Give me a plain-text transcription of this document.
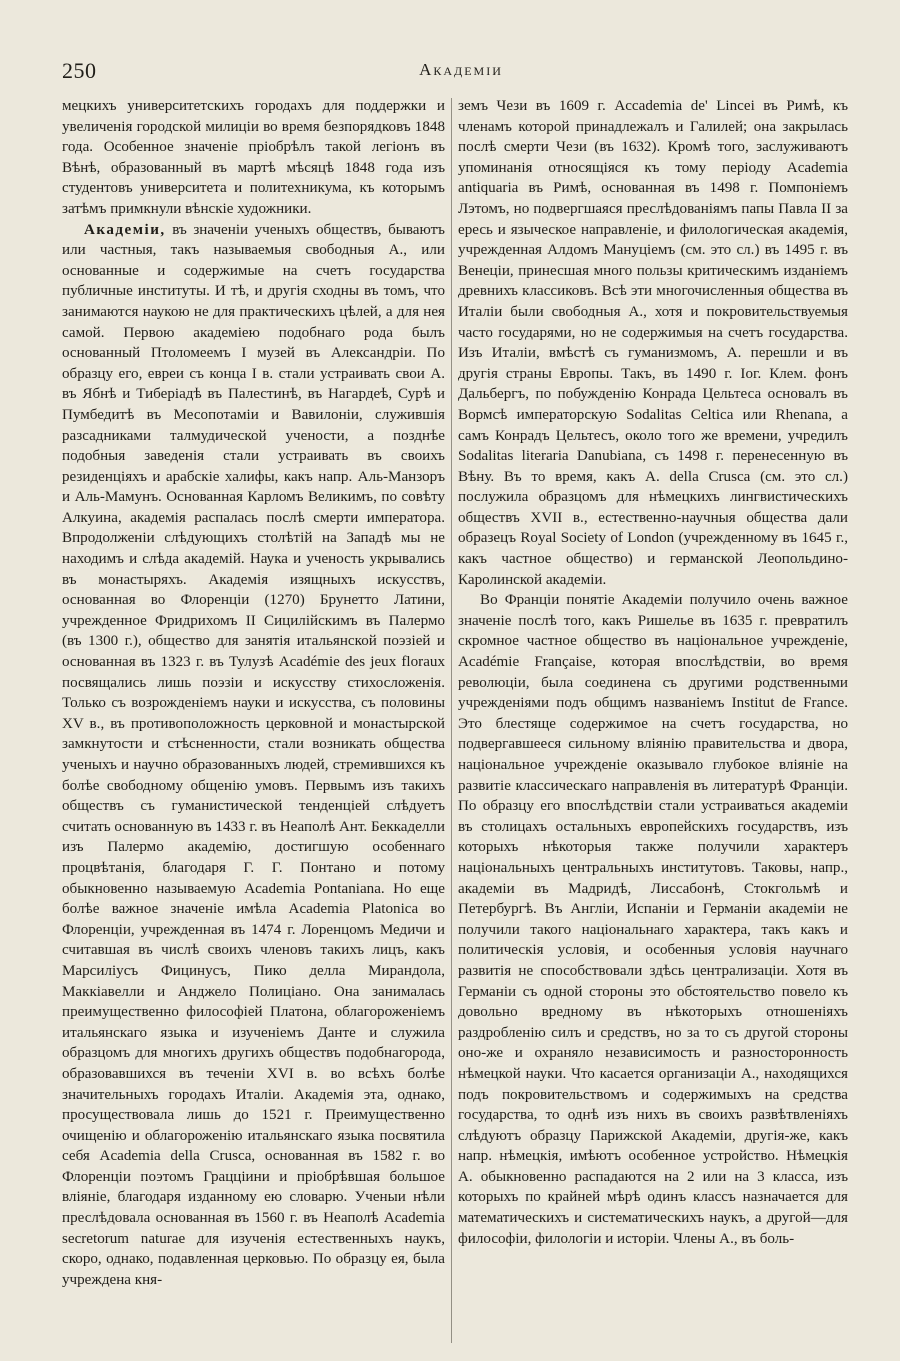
250	Академіи

мецкихъ университетскихъ городахъ для поддержки и увеличенія городской милиціи во время безпорядковъ 1848 года. Особенное значеніе пріобрѣлъ такой легіонъ въ Вѣнѣ, образованный въ мартѣ мѣсяцѣ 1848 года изъ студентовъ университета и политехникума, къ которымъ затѣмъ примкнули вѣнскіе художники.

Академіи, въ значеніи ученыхъ обществъ, бываютъ или частныя, такъ называемыя свободныя А., или основанные и содержимые на счетъ государства публичные институты. И тѣ, и другія сходны въ томъ, что занимаются наукою не для практическихъ цѣлей, а для нея самой. Первою академіею подобнаго рода былъ основанный Птоломеемъ I музей въ Александріи. По образцу его, евреи съ конца I в. стали устраивать свои А. въ Ябнѣ и Тиберіадѣ въ Палестинѣ, въ Нагардеѣ, Сурѣ и Пумбедитѣ въ Месопотаміи и Вавилоніи, служившія разсадниками талмудической учености, а позднѣе подобныя заведенія стали устраивать въ своихъ резиденціяхъ и арабскіе халифы, какъ напр. Аль-Манзоръ и Аль-Мамунъ. Основанная Карломъ Великимъ, по совѣту Алкуина, академія распалась послѣ смерти императора. Впродолженіи слѣдующихъ столѣтій на Западѣ мы не находимъ и слѣда академій. Наука и ученость укрывались въ монастыряхъ. Академія изящныхъ искусствъ, основанная во Флоренціи (1270) Брунетто Латини, учрежденное Фридрихомъ II Сицилійскимъ въ Палермо (въ 1300 г.), общество для занятія итальянской поэзіей и основанная въ 1323 г. въ Тулузѣ Académie des jeux floraux посвящались лишь поэзіи и искусству стихосложенія. Только съ возрожденіемъ науки и искусства, съ половины XV в., въ противоположность церковной и монастырской замкнутости и стѣсненности, стали возникать общества ученыхъ и научно образованныхъ людей, стремившихся къ болѣе свободному общенію умовъ. Первымъ изъ такихъ обществъ съ гуманистической тенденціей слѣдуетъ считать основанную въ 1433 г. въ Неаполѣ Ант. Беккаделли изъ Палермо академію, достигшую особеннаго процвѣтанія, благодаря Г. Г. Понтано и потому обыкновенно называемую Academia Pontaniana. Но еще болѣе важное значеніе имѣла Academia Platonica во Флоренціи, учрежденная въ 1474 г. Лоренцомъ Медичи и считавшая въ числѣ своихъ членовъ такихъ лицъ, какъ Марсилiусъ Фицинусъ, Пико делла Мирандола, Маккіавелли и Анджело Полиціано. Она занималась преимущественно философіей Платона, облагороженіемъ итальянскаго языка и изученіемъ Данте и служила образцомъ для многихъ другихъ обществъ подобнагорода, образовавшихся въ теченіи XVI в. во всѣхъ болѣе значительныхъ городахъ Италіи. Академія эта, однако, просуществовала лишь до 1521 г. Преимущественно очищенію и облагороженію итальянскаго языка посвятила себя Academia della Crusca, основанная въ 1582 г. во Флоренціи поэтомъ Грацціини и пріобрѣвшая большое вліяніе, благодаря изданному ею словарю. Ученыи нѣли преслѣдовала основанная въ 1560 г. въ Неаполѣ Academia secretorum naturae для изученія естественныхъ наукъ, скоро, однако, подавленная церковью. По образцу ея, была учреждена кня-

земъ Чези въ 1609 г. Accademia de' Lincei въ Римѣ, къ членамъ которой принадлежалъ и Галилей; она закрылась послѣ смерти Чези (въ 1632). Кромѣ того, заслуживаютъ упоминанія относящіяся къ тому періоду Academia antiquaria въ Римѣ, основанная въ 1498 г. Помпоніемъ Лэтомъ, но подвергшаяся преслѣдованіямъ папы Павла II за ересь и языческое направленіе, и филологическая академія, учрежденная Алдомъ Мануціемъ (см. это сл.) въ 1495 г. въ Венеціи, принесшая много пользы критическимъ изданіемъ древнихъ классиковъ. Всѣ эти многочисленныя общества въ Италіи были свободныя А., хотя и покровительствуемыя часто государями, но не содержимыя на счетъ государства. Изъ Италіи, вмѣстѣ съ гуманизмомъ, А. перешли и въ другія страны Европы. Такъ, въ 1490 г. Іог. Клем. фонъ Дальбергъ, по побужденію Конрада Цельтеса основалъ въ Вормсѣ императорскую Sodalitas Celtica или Rhenana, а самъ Конрадъ Цельтесъ, около того же времени, учредилъ Sodalitas literaria Danubiana, съ 1498 г. перенесенную въ Вѣну. Въ то время, какъ А. della Crusca (см. это сл.) послужила образцомъ для нѣмецкихъ лингвистическихъ обществъ XVII в., естественно-научныя общества дали образецъ Royal Society of London (учрежденному въ 1645 г., какъ частное общество) и германской Леопольдино-Каролинской академіи.

Во Франціи понятіе Академіи получило очень важное значеніе послѣ того, какъ Ришелье въ 1635 г. превратилъ скромное частное общество въ національное учрежденіе, Académie Française, которая впослѣдствіи, во время революціи, была соединена съ другими родственными учрежденіями подъ общимъ названіемъ Institut de France. Это блестяще содержимое на счетъ государства, но подвергавшееся сильному вліянію правительства и двора, національное учрежденіе оказывало глубокое вліяніе на развитіе классическаго направленія въ литературѣ Франціи. По образцу его впослѣдствіи стали устраиваться академіи въ столицахъ остальныхъ европейскихъ государствъ, изъ которыхъ нѣкоторыя также получили характеръ національныхъ центральныхъ институтовъ. Таковы, напр., академіи въ Мадридѣ, Лиссабонѣ, Стокгольмѣ и Петербургѣ. Въ Англіи, Испаніи и Германіи академіи не получили такого національнаго характера, такъ какъ и политическія условія, и особенныя условія научнаго развитія не способствовали здѣсь централизаціи. Хотя въ Германіи съ одной стороны это обстоятельство повело къ довольно вредному въ нѣкоторыхъ отношеніяхъ раздробленію силъ и средствъ, но за то съ другой стороны оно-же и охраняло независимость и разносторонность нѣмецкой науки. Что касается организаціи А., находящихся подъ покровительствомъ и содержимыхъ на средства государства, то однѣ изъ нихъ въ своихъ развѣтвленіяхъ слѣдуютъ образцу Парижской Академіи, другія-же, какъ напр. нѣмецкія, имѣютъ особенное устройство. Нѣмецкія А. обыкновенно распадаются на 2 или на 3 класса, изъ которыхъ по крайней мѣрѣ одинъ классъ назначается для математическихъ и систематическихъ наукъ, а другой—для философіи, филологіи и исторіи. Члены А., въ боль-
